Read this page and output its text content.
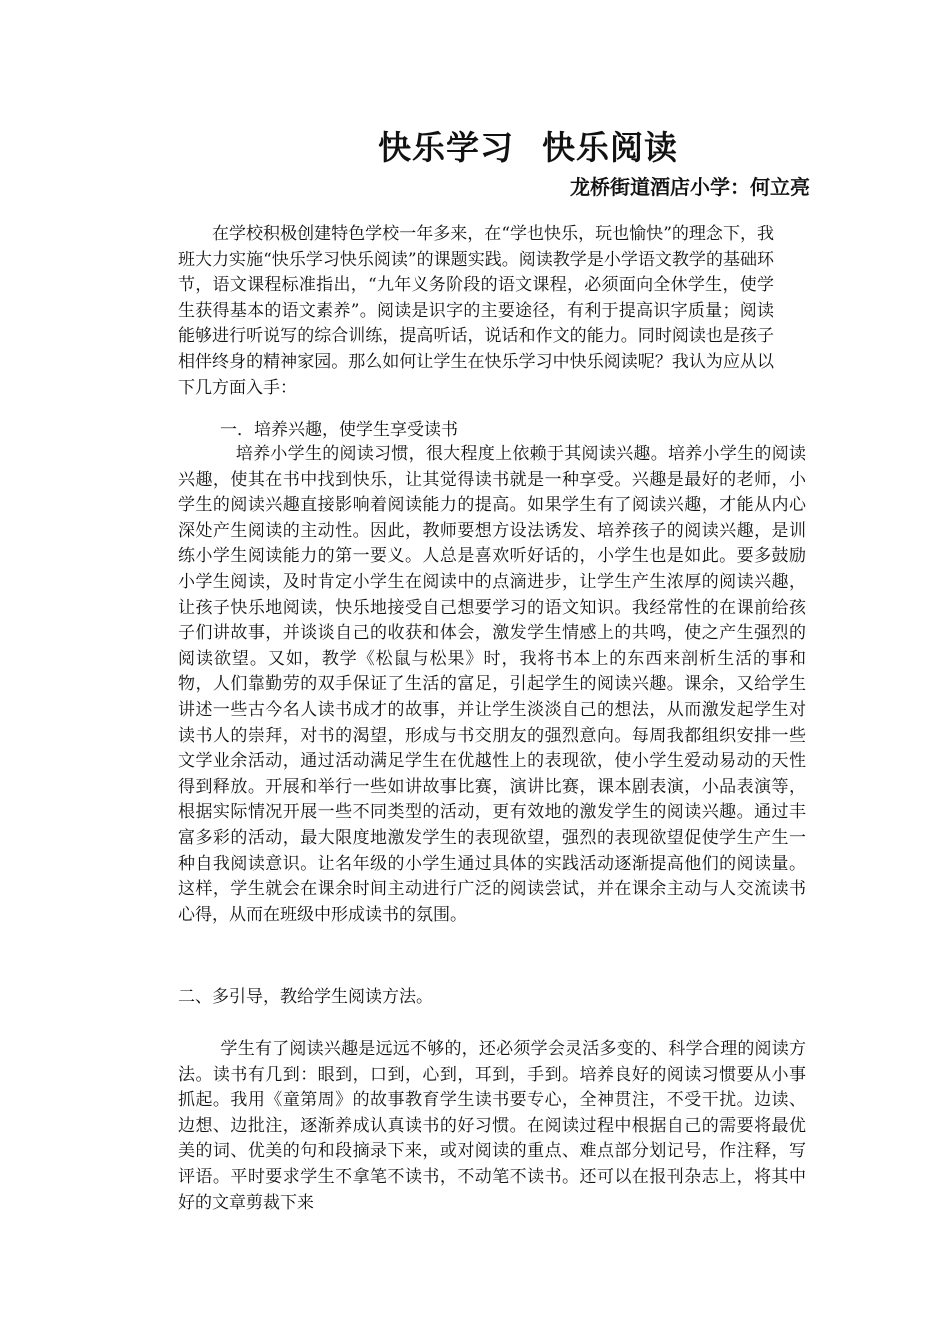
快乐学习 快乐阅读
龙桥街道酒店小学：何立亮

在学校积极创建特色学校一年多来，在“学也快乐，玩也愉快”的理念下，我班大力实施“快乐学习快乐阅读”的课题实践。阅读教学是小学语文教学的基础环节，语文课程标准指出，“九年义务阶段的语文课程，必须面向全休学生，使学生获得基本的语文素养”。阅读是识字的主要途径，有利于提高识字质量；阅读能够进行听说写的综合训练，提高听话，说话和作文的能力。同时阅读也是孩子相伴终身的精神家园。那么如何让学生在快乐学习中快乐阅读呢？我认为应从以下几方面入手：

一．培养兴趣，使学生享受读书

培养小学生的阅读习惯，很大程度上依赖于其阅读兴趣。培养小学生的阅读兴趣，使其在书中找到快乐，让其觉得读书就是一种享受。兴趣是最好的老师，小学生的阅读兴趣直接影响着阅读能力的提高。如果学生有了阅读兴趣，才能从内心深处产生阅读的主动性。因此，教师要想方设法诱发、培养孩子的阅读兴趣，是训练小学生阅读能力的第一要义。人总是喜欢听好话的，小学生也是如此。要多鼓励小学生阅读，及时肯定小学生在阅读中的点滴进步，让学生产生浓厚的阅读兴趣，让孩子快乐地阅读，快乐地接受自己想要学习的语文知识。我经常性的在课前给孩子们讲故事，并谈谈自己的收获和体会，激发学生情感上的共鸣，使之产生强烈的阅读欲望。又如，教学《松鼠与松果》时，我将书本上的东西来剖析生活的事和物，人们靠勤劳的双手保证了生活的富足，引起学生的阅读兴趣。课余，又给学生讲述一些古今名人读书成才的故事，并让学生淡淡自己的想法，从而激发起学生对读书人的崇拜，对书的渴望，形成与书交朋友的强烈意向。每周我都组织安排一些文学业余活动，通过活动满足学生在优越性上的表现欲，使小学生爱动易动的天性得到释放。开展和举行一些如讲故事比赛，演讲比赛，课本剧表演，小品表演等，根据实际情况开展一些不同类型的活动，更有效地的激发学生的阅读兴趣。通过丰富多彩的活动，最大限度地激发学生的表现欲望，强烈的表现欲望促使学生产生一种自我阅读意识。让名年级的小学生通过具体的实践活动逐渐提高他们的阅读量。这样，学生就会在课余时间主动进行广泛的阅读尝试，并在课余主动与人交流读书心得，从而在班级中形成读书的氛围。

二、多引导，教给学生阅读方法。

学生有了阅读兴趣是远远不够的，还必须学会灵活多变的、科学合理的阅读方法。读书有几到：眼到，口到，心到，耳到，手到。培养良好的阅读习惯要从小事抓起。我用《童第周》的故事教育学生读书要专心，全神贯注，不受干扰。边读、边想、边批注，逐渐养成认真读书的好习惯。在阅读过程中根据自己的需要将最优美的词、优美的句和段摘录下来，或对阅读的重点、难点部分划记号，作注释，写评语。平时要求学生不拿笔不读书，不动笔不读书。还可以在报刊杂志上，将其中好的文章剪裁下来
